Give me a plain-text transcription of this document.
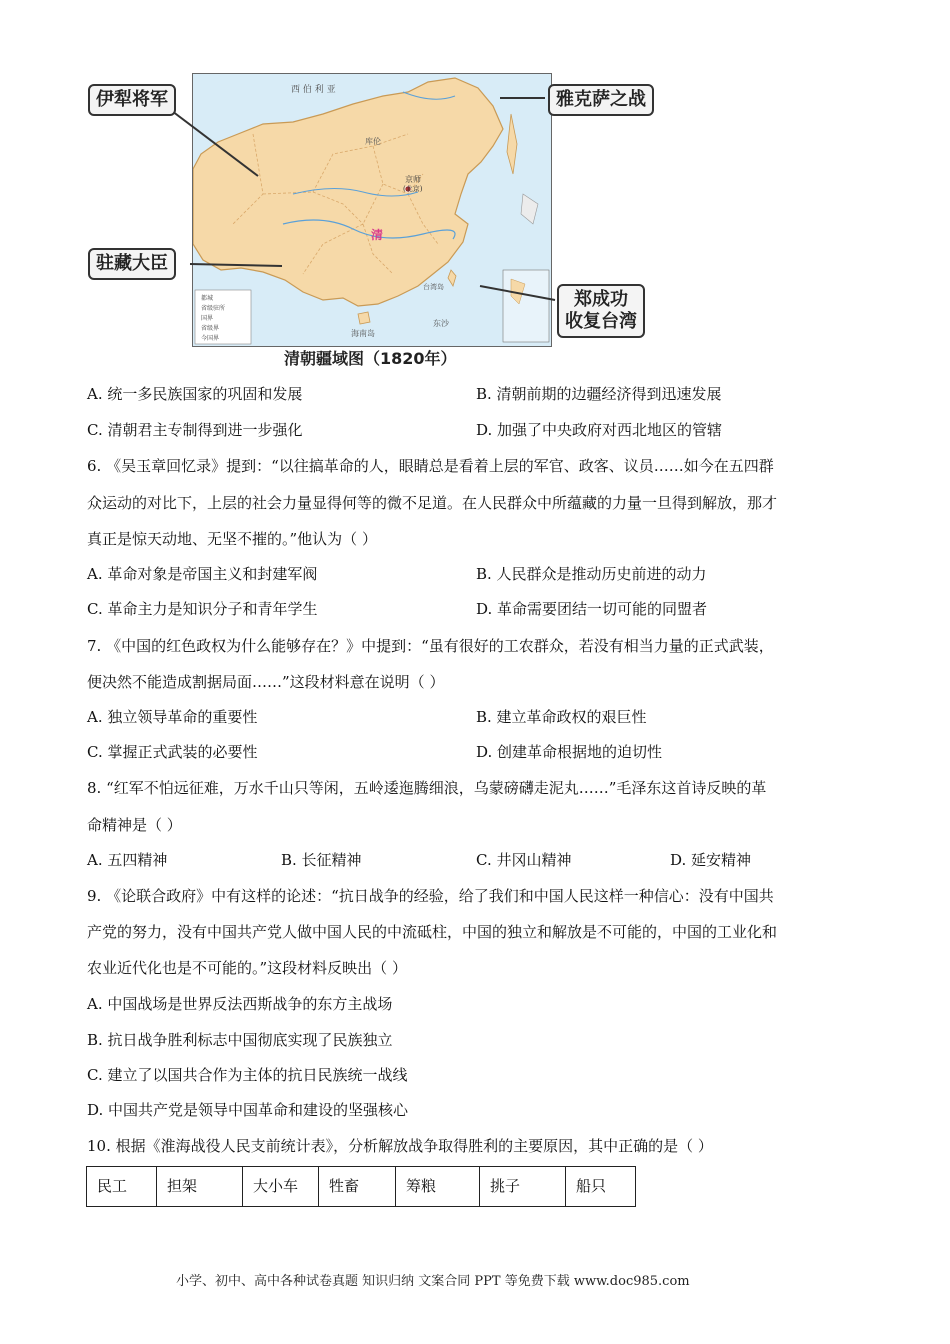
西 伯 利 亚
清
京师
(北京)
库伦
台湾岛
海南岛
东沙
都城
省级驻所
国界
省级界
今国界
伊犁将军	雅克萨之战
驻藏大臣
郑成功
收复台湾
清朝疆域图（1820年）
A. 统一多民族国家的巩固和发展	B. 清朝前期的边疆经济得到迅速发展
C. 清朝君主专制得到进一步强化	D. 加强了中央政府对西北地区的管辖
6. 《吴玉章回忆录》提到：“以往搞革命的人，眼睛总是看着上层的军官、政客、议员……如今在五四群
众运动的对比下，上层的社会力量显得何等的微不足道。在人民群众中所蕴藏的力量一旦得到解放，那才
真正是惊天动地、无坚不摧的。”他认为（ ）
A. 革命对象是帝国主义和封建军阀	B. 人民群众是推动历史前进的动力
C. 革命主力是知识分子和青年学生	D. 革命需要团结一切可能的同盟者
7. 《中国的红色政权为什么能够存在？》中提到：“虽有很好的工农群众，若没有相当力量的正式武装，
便决然不能造成割据局面……”这段材料意在说明（ ）
A. 独立领导革命的重要性	B. 建立革命政权的艰巨性
C. 掌握正式武装的必要性	D. 创建革命根据地的迫切性
8. “红军不怕远征难，万水千山只等闲，五岭逶迤腾细浪，乌蒙磅礴走泥丸……”毛泽东这首诗反映的革
命精神是（ ）
A. 五四精神	B. 长征精神	C. 井冈山精神	D. 延安精神
9. 《论联合政府》中有这样的论述：“抗日战争的经验，给了我们和中国人民这样一种信心：没有中国共
产党的努力，没有中国共产党人做中国人民的中流砥柱，中国的独立和解放是不可能的，中国的工业化和
农业近代化也是不可能的。”这段材料反映出（ ）
A. 中国战场是世界反法西斯战争的东方主战场
B. 抗日战争胜利标志中国彻底实现了民族独立
C. 建立了以国共合作为主体的抗日民族统一战线
D. 中国共产党是领导中国革命和建设的坚强核心
10. 根据《淮海战役人民支前统计表》，分析解放战争取得胜利的主要原因，其中正确的是（ ）
民工	担架	大小车	牲畜	筹粮	挑子	船只
小学、初中、高中各种试卷真题 知识归纳 文案合同 PPT 等免费下载 www.doc985.com
